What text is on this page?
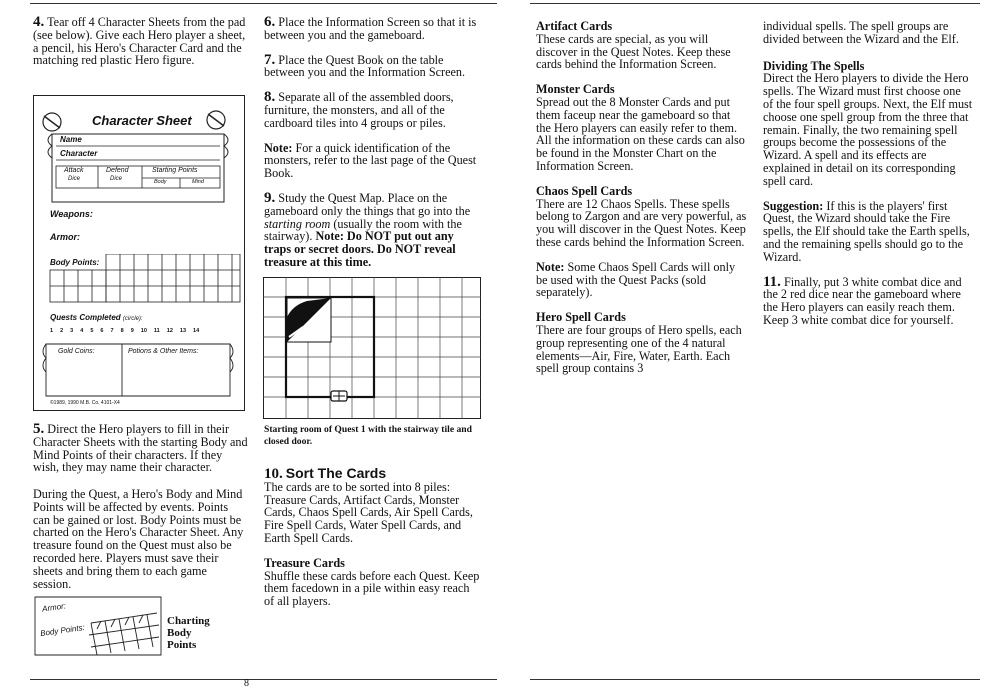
8

4. Tear off 4 Character Sheets from the pad (see below). Give each Hero player a sheet, a pencil, his Hero's Character Card and the matching red plastic Hero figure.

Character Sheet
Name
Character
Attack
Dice
Defend
Dice
Starting Points
Body	Mind
Weapons:
Armor:
Body Points:
Quests Completed (circle):
1 2 3 4 5 6 7 8 9 10 11 12 13 14
Gold Coins:	Potions & Other Items:
©1989, 1990 M.B. Co. 4101-X4

5. Direct the Hero players to fill in their Character Sheets with the starting Body and Mind Points of their characters. If they wish, they may name their character.

During the Quest, a Hero's Body and Mind Points will be affected by events. Points can be gained or lost. Body Points must be charted on the Hero's Character Sheet. Any treasure found on the Quest must also be recorded here. Players must save their sheets and bring them to each game session.

Armor:
Body Points:
Charting
Body
Points

6. Place the Information Screen so that it is between you and the gameboard.

7. Place the Quest Book on the table between you and the Information Screen.

8. Separate all of the assembled doors, furniture, the monsters, and all of the cardboard tiles into 4 groups or piles.

Note: For a quick identification of the monsters, refer to the last page of the Quest Book.

9. Study the Quest Map. Place on the gameboard only the things that go into the starting room (usually the room with the stairway). Note: Do NOT put out any traps or secret doors. Do NOT reveal treasure at this time.

Starting room of Quest 1 with the stairway tile and closed door.

10. Sort The Cards

The cards are to be sorted into 8 piles: Treasure Cards, Artifact Cards, Monster Cards, Chaos Spell Cards, Air Spell Cards, Fire Spell Cards, Water Spell Cards, and Earth Spell Cards.

Treasure Cards

Shuffle these cards before each Quest. Keep them facedown in a pile within easy reach of all players.

Artifact Cards

These cards are special, as you will discover in the Quest Notes. Keep these cards behind the Information Screen.

Monster Cards

Spread out the 8 Monster Cards and put them faceup near the gameboard so that the Hero players can easily refer to them. All the information on these cards can also be found in the Monster Chart on the Information Screen.

Chaos Spell Cards

There are 12 Chaos Spells. These spells belong to Zargon and are very powerful, as you will discover in the Quest Notes. Keep these cards behind the Information Screen.

Note: Some Chaos Spell Cards will only be used with the Quest Packs (sold separately).

Hero Spell Cards

There are four groups of Hero spells, each group representing one of the 4 natural elements—Air, Fire, Water, Earth. Each spell group contains 3

individual spells. The spell groups are divided between the Wizard and the Elf.

Dividing The Spells

Direct the Hero players to divide the Hero spells. The Wizard must first choose one of the four spell groups. Next, the Elf must choose one spell group from the three that remain. Finally, the two remaining spell groups become the possessions of the Wizard. A spell and its effects are explained in detail on its corresponding spell card.

Suggestion: If this is the players' first Quest, the Wizard should take the Fire spells, the Elf should take the Earth spells, and the remaining spells should go to the Wizard.

11. Finally, put 3 white combat dice and the 2 red dice near the gameboard where the Hero players can easily reach them. Keep 3 white combat dice for yourself.
